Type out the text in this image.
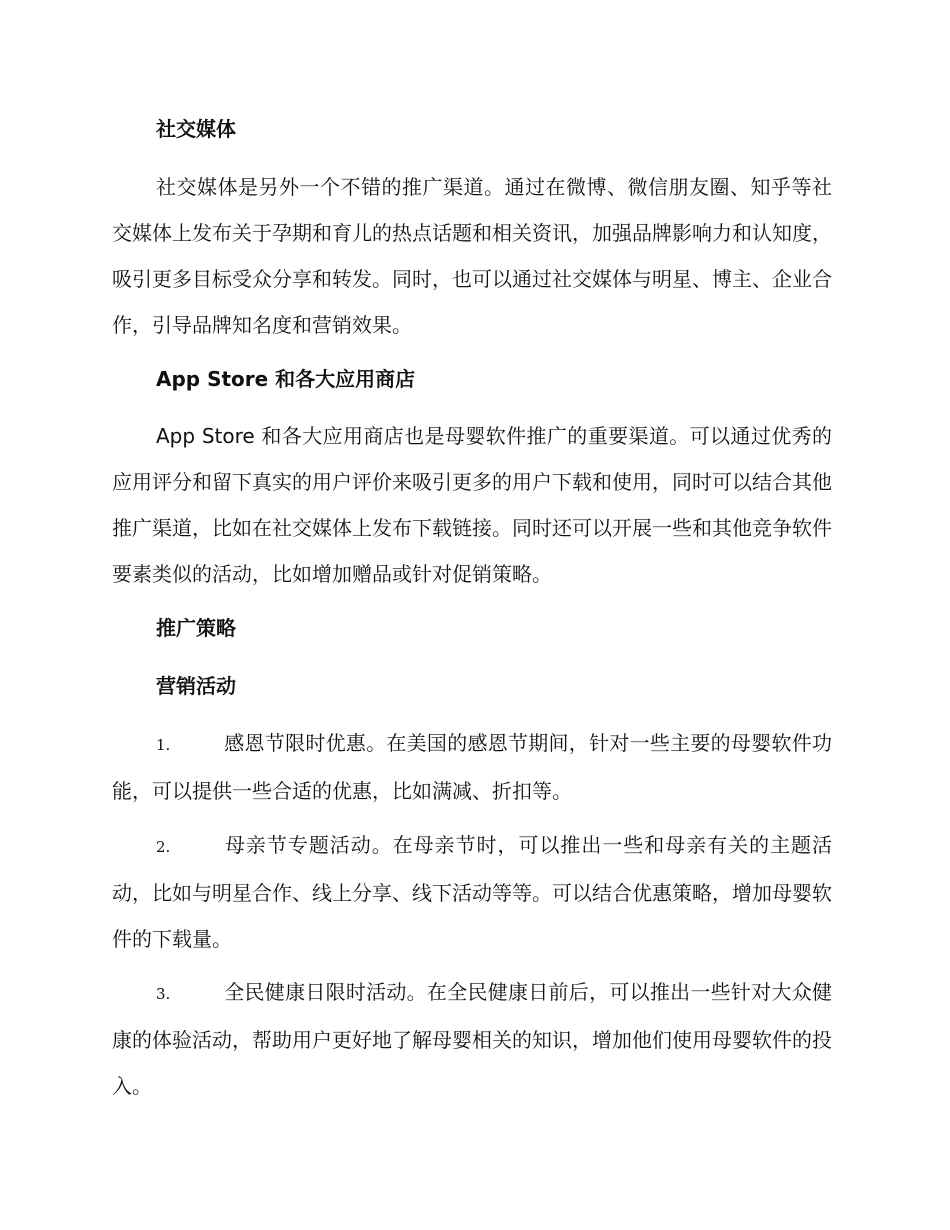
社交媒体

社交媒体是另外一个不错的推广渠道。通过在微博、微信朋友圈、知乎等社交媒体上发布关于孕期和育儿的热点话题和相关资讯，加强品牌影响力和认知度，吸引更多目标受众分享和转发。同时，也可以通过社交媒体与明星、博主、企业合作，引导品牌知名度和营销效果。

App Store 和各大应用商店

App Store 和各大应用商店也是母婴软件推广的重要渠道。可以通过优秀的应用评分和留下真实的用户评价来吸引更多的用户下载和使用，同时可以结合其他推广渠道，比如在社交媒体上发布下载链接。同时还可以开展一些和其他竞争软件要素类似的活动，比如增加赠品或针对促销策略。

推广策略
营销活动

1.	感恩节限时优惠。在美国的感恩节期间，针对一些主要的母婴软件功能，可以提供一些合适的优惠，比如满减、折扣等。

2.	母亲节专题活动。在母亲节时，可以推出一些和母亲有关的主题活动，比如与明星合作、线上分享、线下活动等等。可以结合优惠策略，增加母婴软件的下载量。

3.	全民健康日限时活动。在全民健康日前后，可以推出一些针对大众健康的体验活动，帮助用户更好地了解母婴相关的知识，增加他们使用母婴软件的投入。
